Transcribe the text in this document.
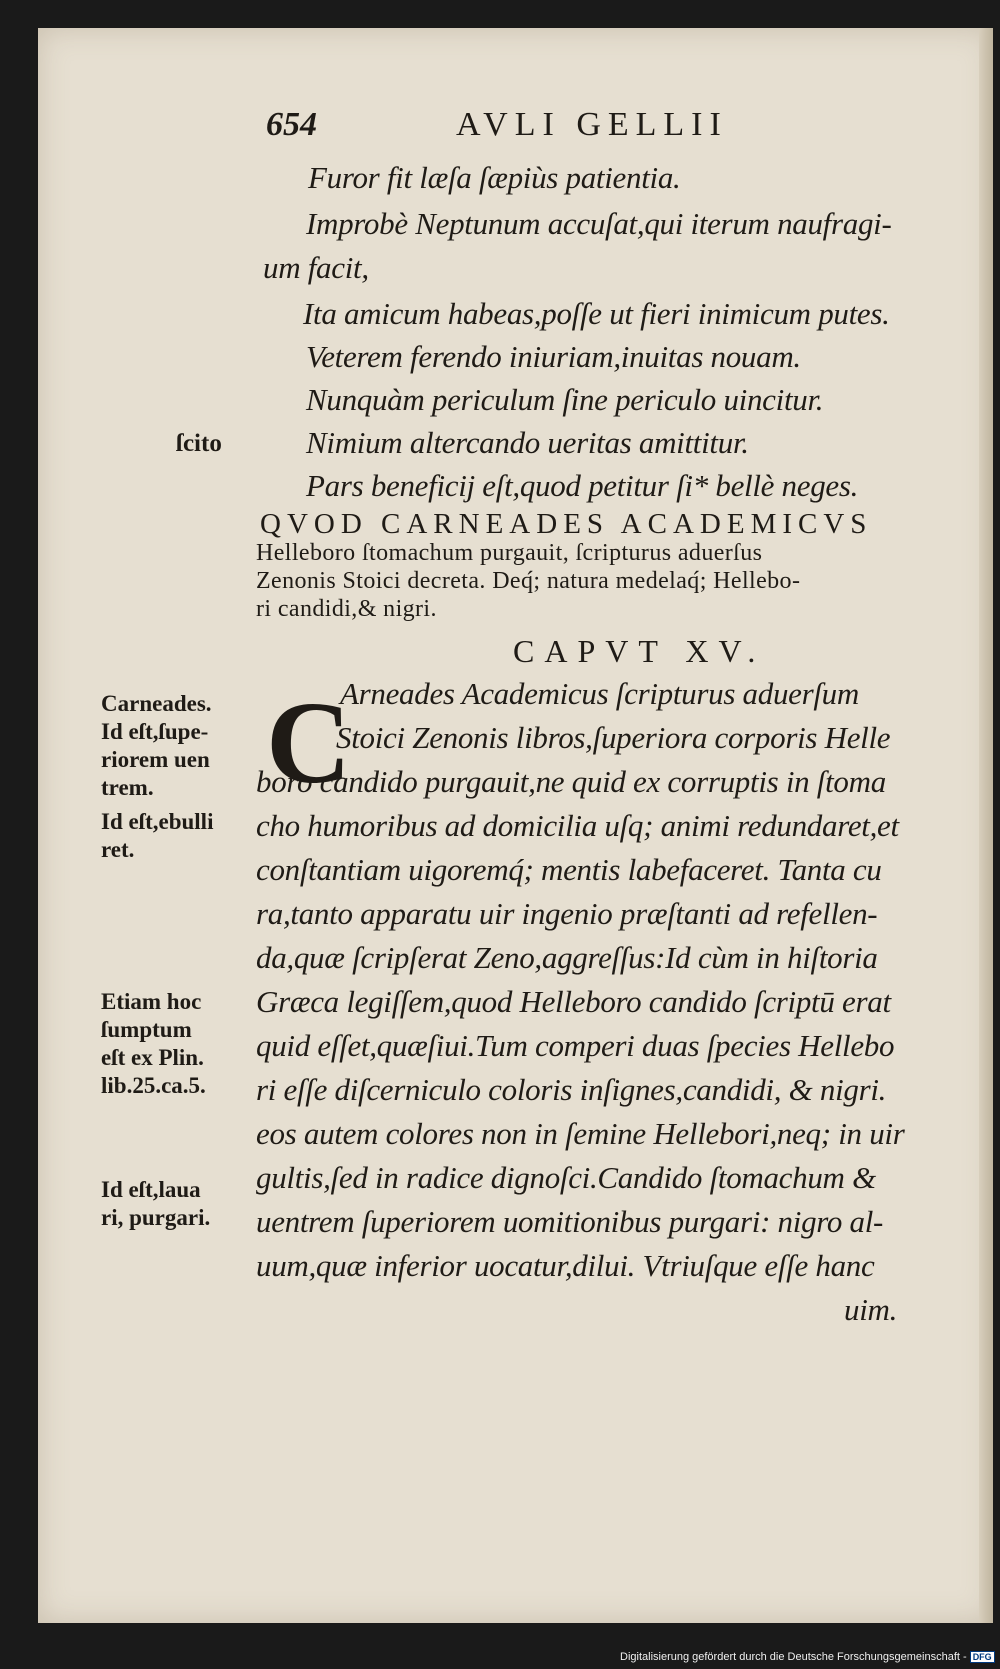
654	AVLI GELLII
Furor fit læſa ſæpiùs patientia.
Improbè Neptunum accuſat,qui iterum naufragi-
um facit,
Ita amicum habeas,poſſe ut fieri inimicum putes.
Veterem ferendo iniuriam,inuitas nouam.
Nunquàm periculum ſine periculo uincitur.
Nimium altercando ueritas amittitur.
Pars beneficij eſt,quod petitur ſi* bellè neges.
ſcito
QVOD CARNEADES ACADEMICVS
Helleboro ſtomachum purgauit, ſcripturus aduerſus
Zenonis Stoici decreta. Deq́; natura medelaq́; Hellebo-
ri candidi,& nigri.
CAPVT XV.
C
Arneades Academicus ſcripturus aduerſum
Stoici Zenonis libros,ſuperiora corporis Helle
boro candido purgauit,ne quid ex corruptis in ſtoma
cho humoribus ad domicilia uſq; animi redundaret,et
conſtantiam uigoremq́; mentis labefaceret. Tanta cu
ra,tanto apparatu uir ingenio præſtanti ad refellen-
da,quæ ſcripſerat Zeno,aggreſſus:Id cùm in hiſtoria
Græca legiſſem,quod Helleboro candido ſcriptū erat
quid eſſet,quæſiui.Tum comperi duas ſpecies Hellebo
ri eſſe diſcerniculo coloris inſignes,candidi, & nigri.
eos autem colores non in ſemine Hellebori,neq; in uir
gultis,ſed in radice dignoſci.Candido ſtomachum &
uentrem ſuperiorem uomitionibus purgari: nigro al-
uum,quæ inferior uocatur,dilui. Vtriuſque eſſe hanc
uim.
Carneades.
Id eſt,ſupe-
riorem uen
trem.
Id eſt,ebulli
ret.
Etiam hoc
ſumptum
eſt ex Plin.
lib.25.ca.5.
Id eſt,laua
ri, purgari.
Digitalisierung gefördert durch die Deutsche Forschungsgemeinschaft - DFG
